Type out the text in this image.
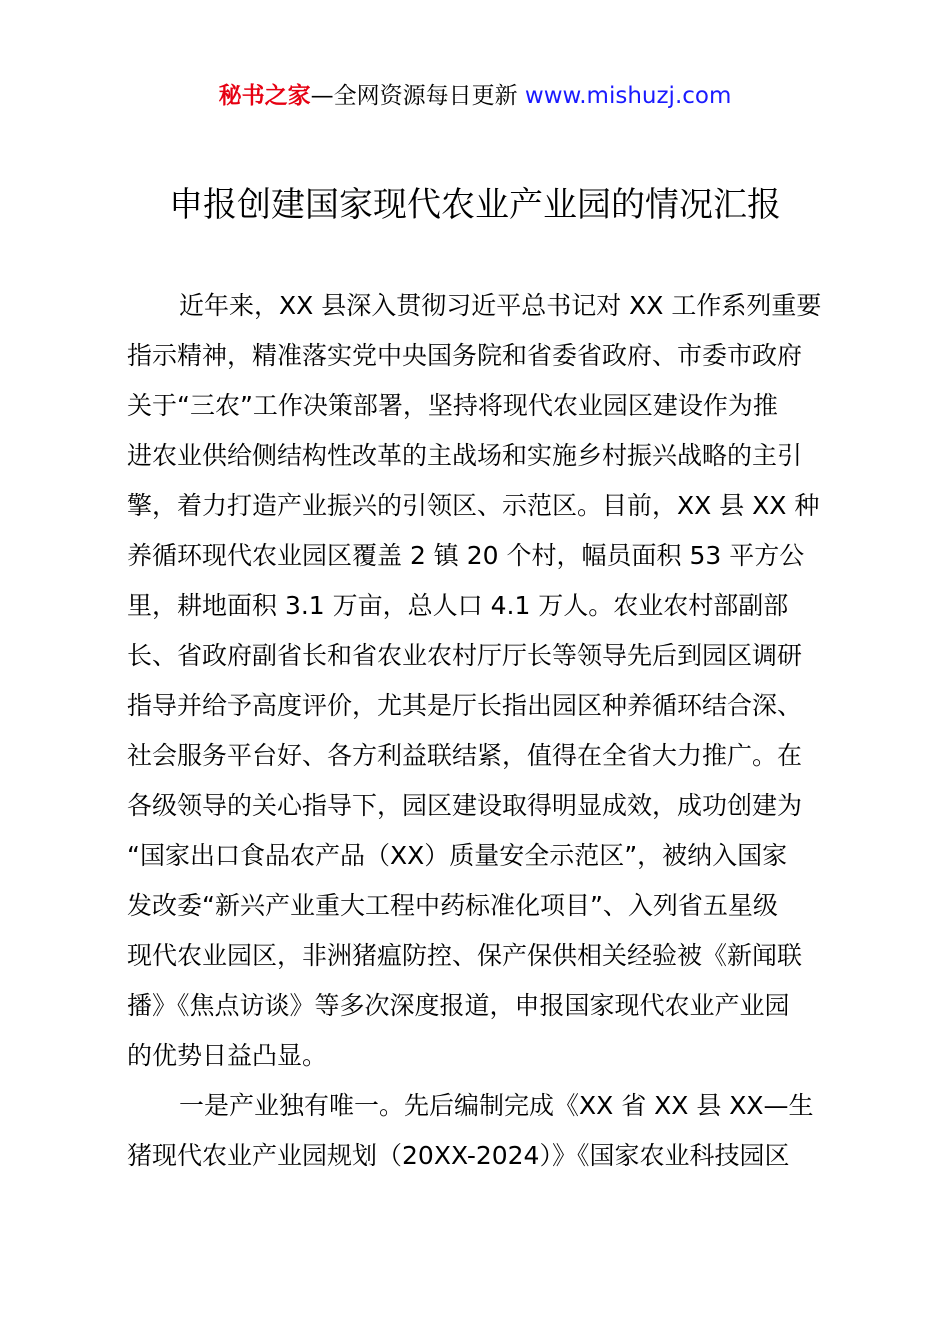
秘书之家—全网资源每日更新 www.mishuzj.com
申报创建国家现代农业产业园的情况汇报
近年来，XX 县深入贯彻习近平总书记对 XX 工作系列重要
指示精神，精准落实党中央国务院和省委省政府、市委市政府
关于“三农”工作决策部署，坚持将现代农业园区建设作为推
进农业供给侧结构性改革的主战场和实施乡村振兴战略的主引
擎，着力打造产业振兴的引领区、示范区。目前，XX 县 XX 种
养循环现代农业园区覆盖 2 镇 20 个村，幅员面积 53 平方公
里，耕地面积 3.1 万亩，总人口 4.1 万人。农业农村部副部
长、省政府副省长和省农业农村厅厅长等领导先后到园区调研
指导并给予高度评价，尤其是厅长指出园区种养循环结合深、
社会服务平台好、各方利益联结紧，值得在全省大力推广。在
各级领导的关心指导下，园区建设取得明显成效，成功创建为
“国家出口食品农产品（XX）质量安全示范区”，被纳入国家
发改委“新兴产业重大工程中药标准化项目”、入列省五星级
现代农业园区，非洲猪瘟防控、保产保供相关经验被《新闻联
播》《焦点访谈》等多次深度报道，申报国家现代农业产业园
的优势日益凸显。
一是产业独有唯一。先后编制完成《XX 省 XX 县 XX—生
猪现代农业产业园规划（20XX-2024）》《国家农业科技园区
